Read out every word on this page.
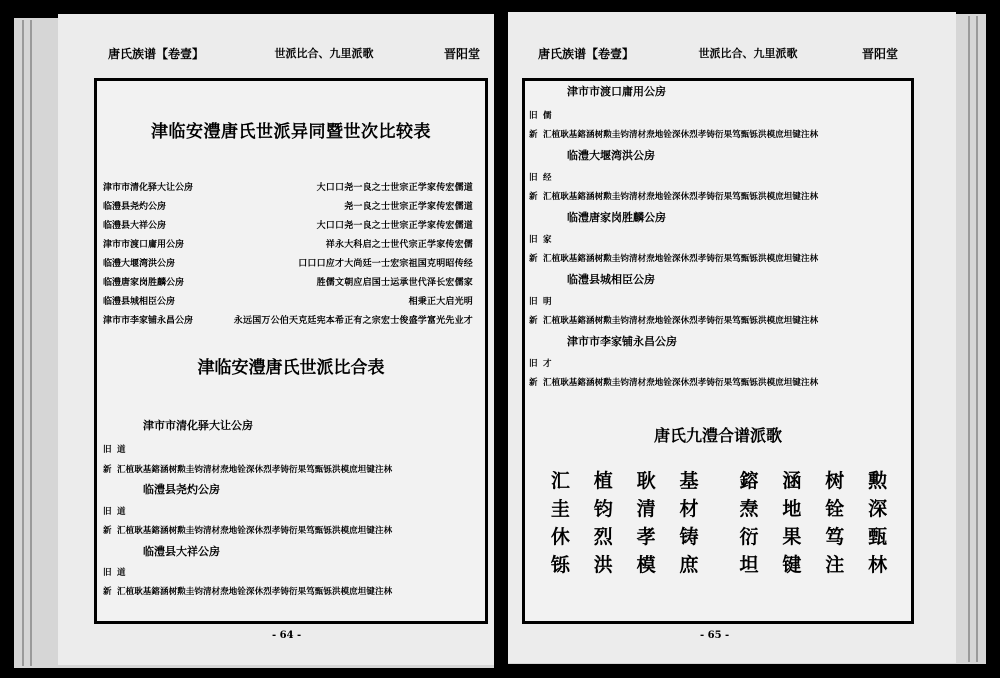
唐氏族谱【卷壹】	世派比合、九里派歌	晋阳堂	唐氏族谱【卷壹】	世派比合、九里派歌	晋阳堂
津临安澧唐氏世派异同暨世次比较表
津市市清化驿大让公房	大口口尧一良之士世宗正学家传宏儒道
临澧县尧灼公房	尧一良之士世宗正学家传宏儒道
临澧县大祥公房	大口口尧一良之士世宗正学家传宏儒道
津市市渡口庸用公房	祥永大科启之士世代宗正学家传宏儒
临澧大堰湾洪公房	口口口应才大尚廷一士宏宗祖国克明昭传经
临澧唐家岗胜麟公房	胜儒文朝应启国士运承世代泽长宏儒家
临澧县城相臣公房	相秉正大启光明
津市市李家铺永昌公房	永远国万公伯天克廷宪本希正有之宗宏士俊盛学富光先业才
津临安澧唐氏世派比合表
津市市清化驿大让公房
旧 道
新 汇植耿基鎔涵树勲圭钧清材焘地铨深休烈孝铸衍果笃甄铄洪模庶坦键注林
临澧县尧灼公房
旧 道
新 汇植耿基鎔涵树勲圭钧清材焘地铨深休烈孝铸衍果笃甄铄洪模庶坦键注林
临澧县大祥公房
旧 道
新 汇植耿基鎔涵树勲圭钧清材焘地铨深休烈孝铸衍果笃甄铄洪模庶坦键注林
津市市渡口庸用公房
旧 儒
新 汇植耿基鎔涵树勲圭钧清材焘地铨深休烈孝铸衍果笃甄铄洪模庶坦键注林
临澧大堰湾洪公房
旧 经
新 汇植耿基鎔涵树勲圭钧清材焘地铨深休烈孝铸衍果笃甄铄洪模庶坦键注林
临澧唐家岗胜麟公房
旧 家
新 汇植耿基鎔涵树勲圭钧清材焘地铨深休烈孝铸衍果笃甄铄洪模庶坦键注林
临澧县城相臣公房
旧 明
新 汇植耿基鎔涵树勲圭钧清材焘地铨深休烈孝铸衍果笃甄铄洪模庶坦键注林
津市市李家铺永昌公房
旧 才
新 汇植耿基鎔涵树勲圭钧清材焘地铨深休烈孝铸衍果笃甄铄洪模庶坦键注林
唐氏九澧合谱派歌
汇	植	耿	基	鎔	涵	树	勲
圭	钧	清	材	焘	地	铨	深
休	烈	孝	铸	衍	果	笃	甄
铄	洪	模	庶	坦	键	注	林
- 64 -	- 65 -
